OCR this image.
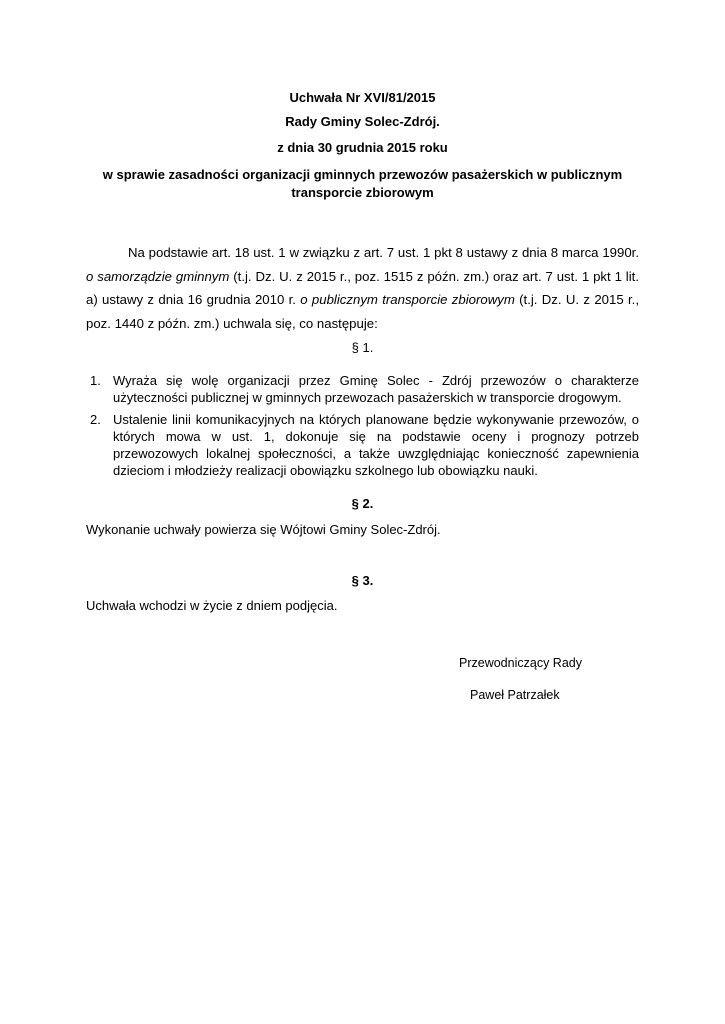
Uchwała Nr XVI/81/2015

Rady Gminy Solec-Zdrój.

z dnia 30 grudnia 2015 roku

w sprawie zasadności organizacji gminnych przewozów pasażerskich w publicznym transporcie zbiorowym

Na podstawie art. 18 ust. 1 w związku z art. 7 ust. 1 pkt 8 ustawy z dnia 8 marca 1990r. o samorządzie gminnym (t.j. Dz. U. z 2015 r., poz. 1515 z późn. zm.) oraz art. 7 ust. 1 pkt 1 lit. a) ustawy z dnia 16 grudnia 2010 r. o publicznym transporcie zbiorowym (t.j. Dz. U. z 2015 r., poz. 1440 z późn. zm.) uchwala się, co następuje:

§ 1.

1. Wyraża się wolę organizacji przez Gminę Solec - Zdrój przewozów o charakterze użyteczności publicznej w gminnych przewozach pasażerskich w transporcie drogowym.
2. Ustalenie linii komunikacyjnych na których planowane będzie wykonywanie przewozów, o których mowa w ust. 1, dokonuje się na podstawie oceny i prognozy potrzeb przewozowych lokalnej społeczności, a także uwzględniając konieczność zapewnienia dzieciom i młodzieży realizacji obowiązku szkolnego lub obowiązku nauki.

§ 2.

Wykonanie uchwały powierza się Wójtowi Gminy Solec-Zdrój.

§ 3.

Uchwała wchodzi w życie z dniem podjęcia.

Przewodniczący Rady

Paweł Patrzałek
